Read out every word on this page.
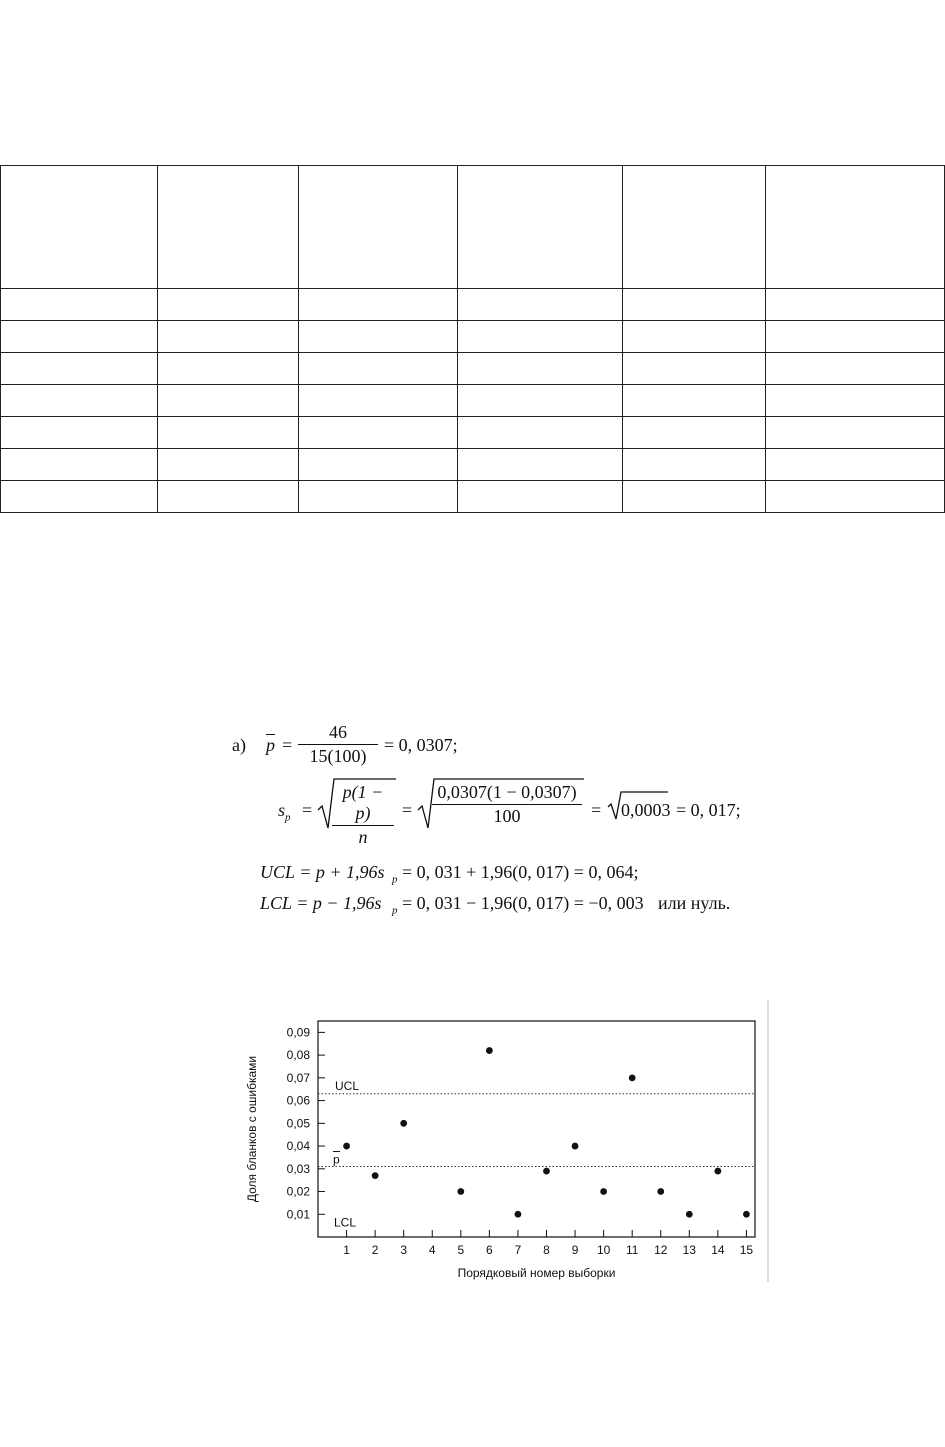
а) $\overline{p} = \frac{46}{15(100)} = 0$, 0307;
$s_p = \frac{p(1 - p)}{n} = \frac{0,0307(1 - 0,0307)}{100} = 0,0003 = 0$, 017;
UCL = p + 1,96s $_p$ = 0, 031 + 1,96(0, 017) = 0, 064;
LCL = p − 1,96s $_p$ = 0, 031 − 1,96(0, 017) = −0, 003 или нуль.
0,01
0,02
0,03
0,04
0,05
0,06
0,07
0,08
0,09
1 2 3 4 5 6 7 8 9 10 11 12 13 14 15
Порядковый номер выборки
Доля бланков с ошибками	UCL
p
LCL
